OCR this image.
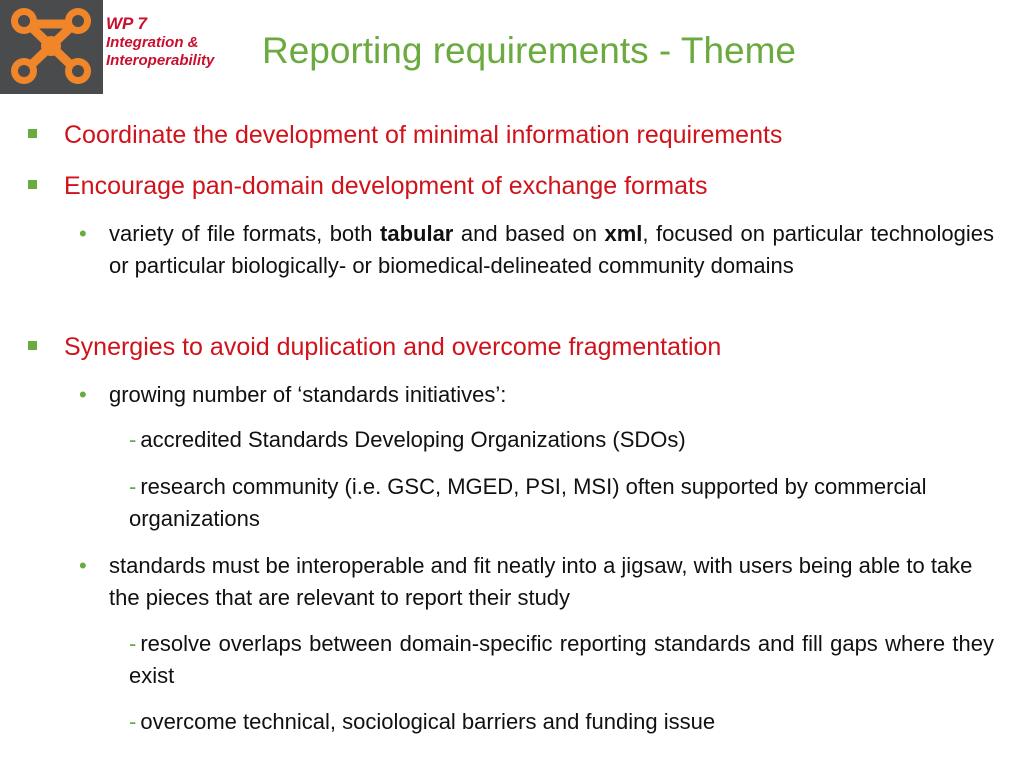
WP 7
Integration &
Interoperability Reporting requirements - Theme
Coordinate the development of minimal information requirements
Encourage pan-domain development of exchange formats
• variety of file formats, both tabular and based on xml, focused on particular technologies or particular biologically- or biomedical-delineated community domains
Synergies to avoid duplication and overcome fragmentation
• growing number of ‘standards initiatives’:
- accredited Standards Developing Organizations (SDOs)
- research community (i.e. GSC, MGED, PSI, MSI) often supported by commercial organizations
• standards must be interoperable and fit neatly into a jigsaw, with users being able to take the pieces that are relevant to report their study
- resolve overlaps between domain-specific reporting standards and fill gaps where they exist
- overcome technical, sociological barriers and funding issue
